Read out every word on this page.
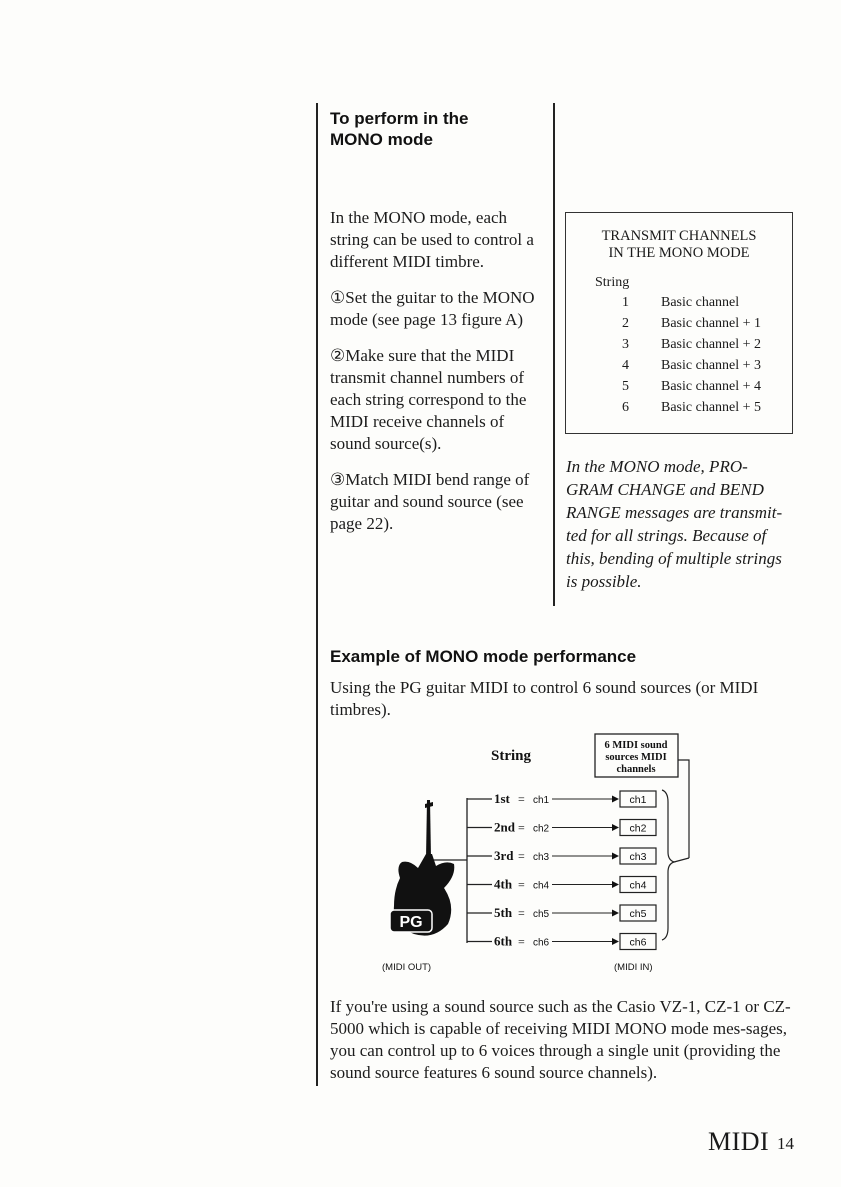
To perform in the
MONO mode

In the MONO mode, each string can be used to control a different MIDI timbre.

①Set the guitar to the MONO mode (see page 13 figure A)

②Make sure that the MIDI transmit channel numbers of each string correspond to the MIDI receive channels of sound source(s).

③Match MIDI bend range of guitar and sound source (see page 22).

TRANSMIT CHANNELS
IN THE MONO MODE
String
1 Basic channel
2 Basic channel + 1
3 Basic channel + 2
4 Basic channel + 3
5 Basic channel + 4
6 Basic channel + 5
In the MONO mode, PRO-GRAM CHANGE and BEND RANGE messages are transmit-ted for all strings. Because of this, bending of multiple strings is possible.
Example of MONO mode performance
Using the PG guitar MIDI to control 6 sound sources (or MIDI timbres).
String
6 MIDI sound
sources MIDI
channels
PG
(MIDI OUT)	(MIDI IN)
1st = ch1	ch1
2nd = ch2	ch2
3rd = ch3	ch3
4th = ch4	ch4
5th = ch5	ch5
6th = ch6	ch6
If you're using a sound source such as the Casio VZ-1, CZ-1 or CZ-5000 which is capable of receiving MIDI MONO mode mes-sages, you can control up to 6 voices through a single unit (providing the sound source features 6 sound source channels).
MIDI 14
